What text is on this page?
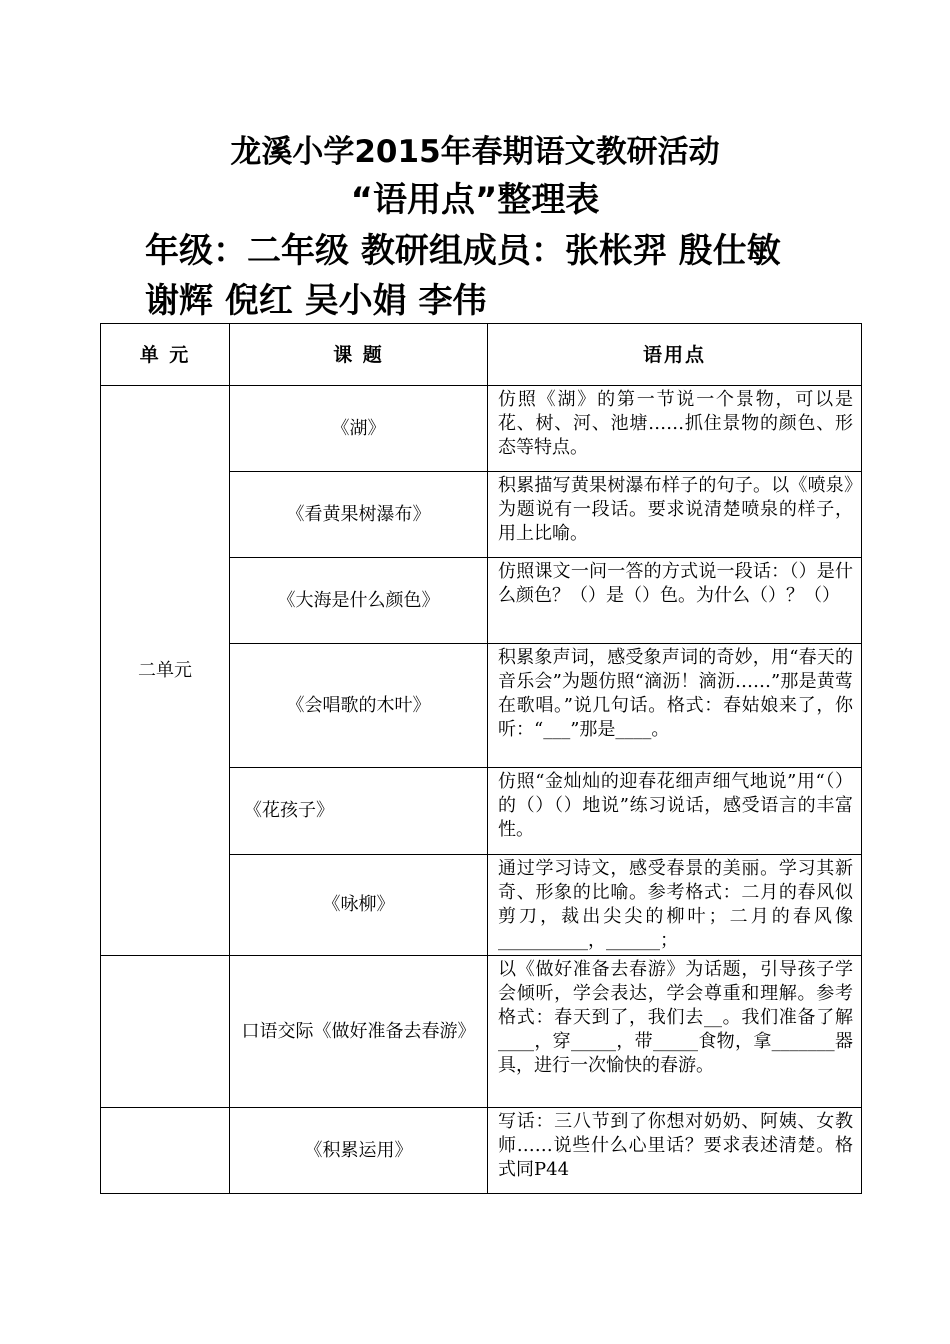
龙溪小学2015年春期语文教研活动
“语用点”整理表
年级：二年级 教研组成员：张枨羿 殷仕敏 谢辉 倪红 吴小娟 李伟
单 元	课 题	语用点
二单元	《湖》	仿照《湖》的第一节说一个景物，可以是花、树、河、池塘……抓住景物的颜色、形态等特点。
	《看黄果树瀑布》	积累描写黄果树瀑布样子的句子。以《喷泉》为题说有一段话。要求说清楚喷泉的样子，用上比喻。
	《大海是什么颜色》	仿照课文一问一答的方式说一段话：（）是什么颜色？（）是（）色。为什么（）？（）
	《会唱歌的木叶》	积累象声词，感受象声词的奇妙，用“春天的音乐会”为题仿照“滴沥！滴沥……”那是黄莺在歌唱。”说几句话。格式：春姑娘来了，你听：“___”那是____。
	《花孩子》	仿照“金灿灿的迎春花细声细气地说”用“（）的（）（）地说”练习说话，感受语言的丰富性。
	《咏柳》	通过学习诗文，感受春景的美丽。学习其新奇、形象的比喻。参考格式：二月的春风似剪刀，裁出尖尖的柳叶；二月的春风像__________，______；
	口语交际《做好准备去春游》	以《做好准备去春游》为话题，引导孩子学会倾听，学会表达，学会尊重和理解。参考格式：春天到了，我们去__。我们准备了解____，穿_____，带_____食物，拿_______器具，进行一次愉快的春游。
	《积累运用》	写话：三八节到了你想对奶奶、阿姨、女教师……说些什么心里话？要求表述清楚。格式同P44
